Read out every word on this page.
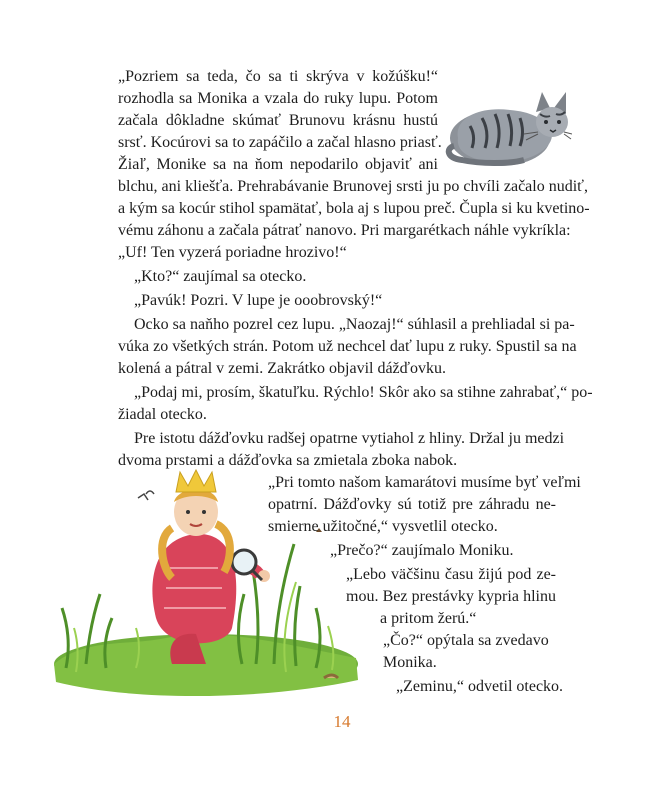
„Pozriem sa teda, čo sa ti skrýva v kožúšku!“
rozhodla sa Monika a vzala do ruky lupu. Potom
začala dôkladne skúmať Brunovu krásnu hustú
srsť. Kocúrovi sa to zapáčilo a začal hlasno priasť.
Žiaľ, Monike sa na ňom nepodarilo objaviť ani
blchu, ani kliešťa. Prehrabávanie Brunovej srsti ju po chvíli začalo nudiť,
a kým sa kocúr stihol spamätať, bola aj s lupou preč. Čupla si ku kvetino-
vému záhonu a začala pátrať nanovo. Pri margarétkach náhle vykríkla:
„Uf! Ten vyzerá poriadne hrozivo!“
„Kto?“ zaujímal sa otecko.
„Pavúk! Pozri. V lupe je ooobrovský!“
Ocko sa naňho pozrel cez lupu. „Naozaj!“ súhlasil a prehliadal si pa-
vúka zo všetkých strán. Potom už nechcel dať lupu z ruky. Spustil sa na
kolená a pátral v zemi. Zakrátko objavil dážďovku.
„Podaj mi, prosím, škatuľku. Rýchlo! Skôr ako sa stihne zahrabať,“ po-
žiadal otecko.
Pre istotu dážďovku radšej opatrne vytiahol z hliny. Držal ju medzi
dvoma prstami a dážďovka sa zmietala zboka nabok.
„Pri tomto našom kamarátovi musíme byť veľmi
opatrní. Dážďovky sú totiž pre záhradu ne-
smierne užitočné,“ vysvetlil otecko.
„Prečo?“ zaujímalo Moniku.
„Lebo väčšinu času žijú pod ze-
mou. Bez prestávky kypria hlinu
a pritom žerú.“
„Čo?“ opýtala sa zvedavo
Monika.
„Zeminu,“ odvetil otecko.
14
